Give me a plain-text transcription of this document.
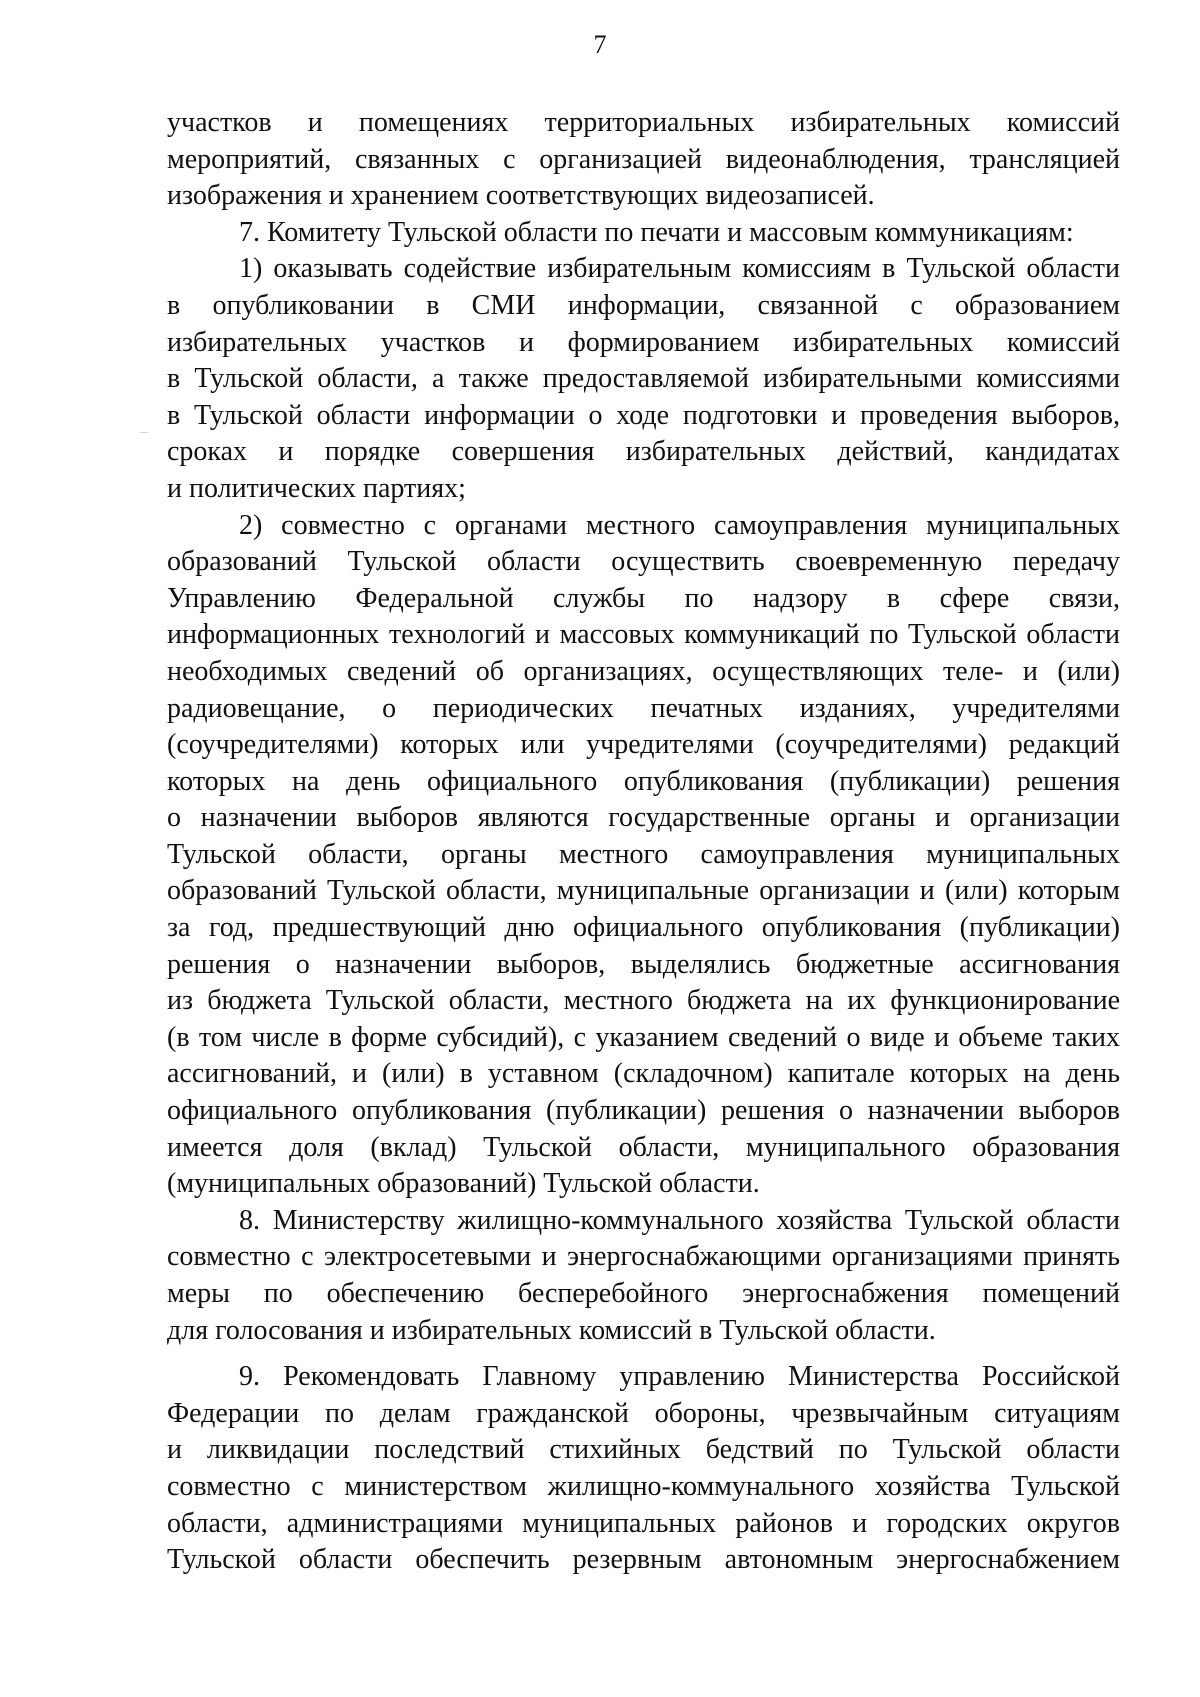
7
участков и помещениях территориальных избирательных комиссий
мероприятий, связанных с организацией видеонаблюдения, трансляцией
изображения и хранением соответствующих видеозаписей.
7. Комитету Тульской области по печати и массовым коммуникациям:
1) оказывать содействие избирательным комиссиям в Тульской области
в опубликовании в СМИ информации, связанной с образованием
избирательных участков и формированием избирательных комиссий
в Тульской области, а также предоставляемой избирательными комиссиями
в Тульской области информации о ходе подготовки и проведения выборов,
сроках и порядке совершения избирательных действий, кандидатах
и политических партиях;
2) совместно с органами местного самоуправления муниципальных
образований Тульской области осуществить своевременную передачу
Управлению Федеральной службы по надзору в сфере связи,
информационных технологий и массовых коммуникаций по Тульской области
необходимых сведений об организациях, осуществляющих теле- и (или)
радиовещание, о периодических печатных изданиях, учредителями
(соучредителями) которых или учредителями (соучредителями) редакций
которых на день официального опубликования (публикации) решения
о назначении выборов являются государственные органы и организации
Тульской области, органы местного самоуправления муниципальных
образований Тульской области, муниципальные организации и (или) которым
за год, предшествующий дню официального опубликования (публикации)
решения о назначении выборов, выделялись бюджетные ассигнования
из бюджета Тульской области, местного бюджета на их функционирование
(в том числе в форме субсидий), с указанием сведений о виде и объеме таких
ассигнований, и (или) в уставном (складочном) капитале которых на день
официального опубликования (публикации) решения о назначении выборов
имеется доля (вклад) Тульской области, муниципального образования
(муниципальных образований) Тульской области.
8. Министерству жилищно-коммунального хозяйства Тульской области
совместно с электросетевыми и энергоснабжающими организациями принять
меры по обеспечению бесперебойного энергоснабжения помещений
для голосования и избирательных комиссий в Тульской области.
9. Рекомендовать Главному управлению Министерства Российской
Федерации по делам гражданской обороны, чрезвычайным ситуациям
и ликвидации последствий стихийных бедствий по Тульской области
совместно с министерством жилищно-коммунального хозяйства Тульской
области, администрациями муниципальных районов и городских округов
Тульской области обеспечить резервным автономным энергоснабжением
